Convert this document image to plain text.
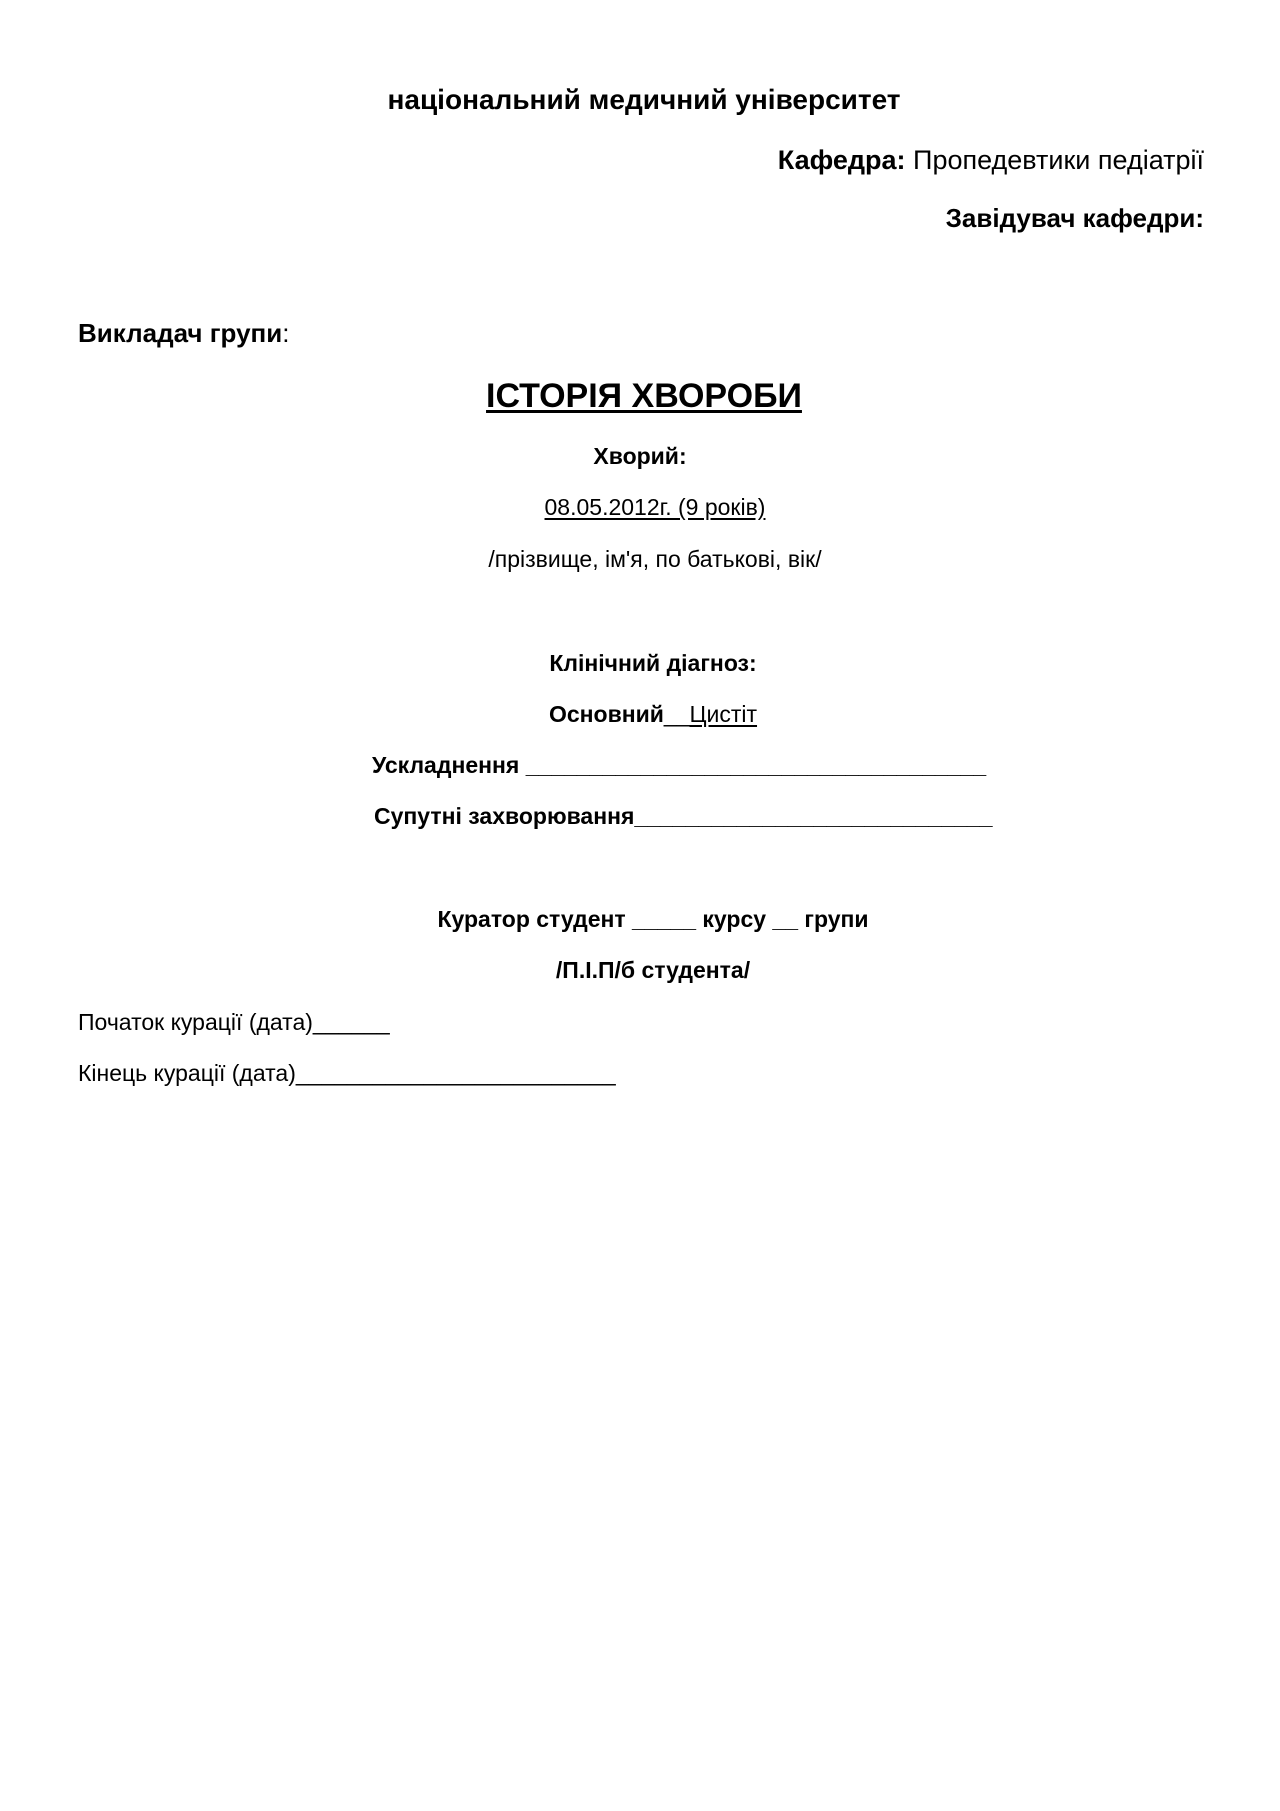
національний медичний університет
Кафедра: Пропедевтики педіатрії
Завідувач кафедри:
Викладач групи:
ІСТОРІЯ ХВОРОБИ
Хворий:
08.05.2012г. (9 років)
/прізвище, ім'я, по батькові, вік/
Клінічний діагноз:
Основний__Цистіт
Ускладнення ____________________________________
Супутні захворювання____________________________
Куратор студент _____ курсу __ групи
/П.І.П/б студента/
Початок курації (дата)______
Кінець курації (дата)_________________________
